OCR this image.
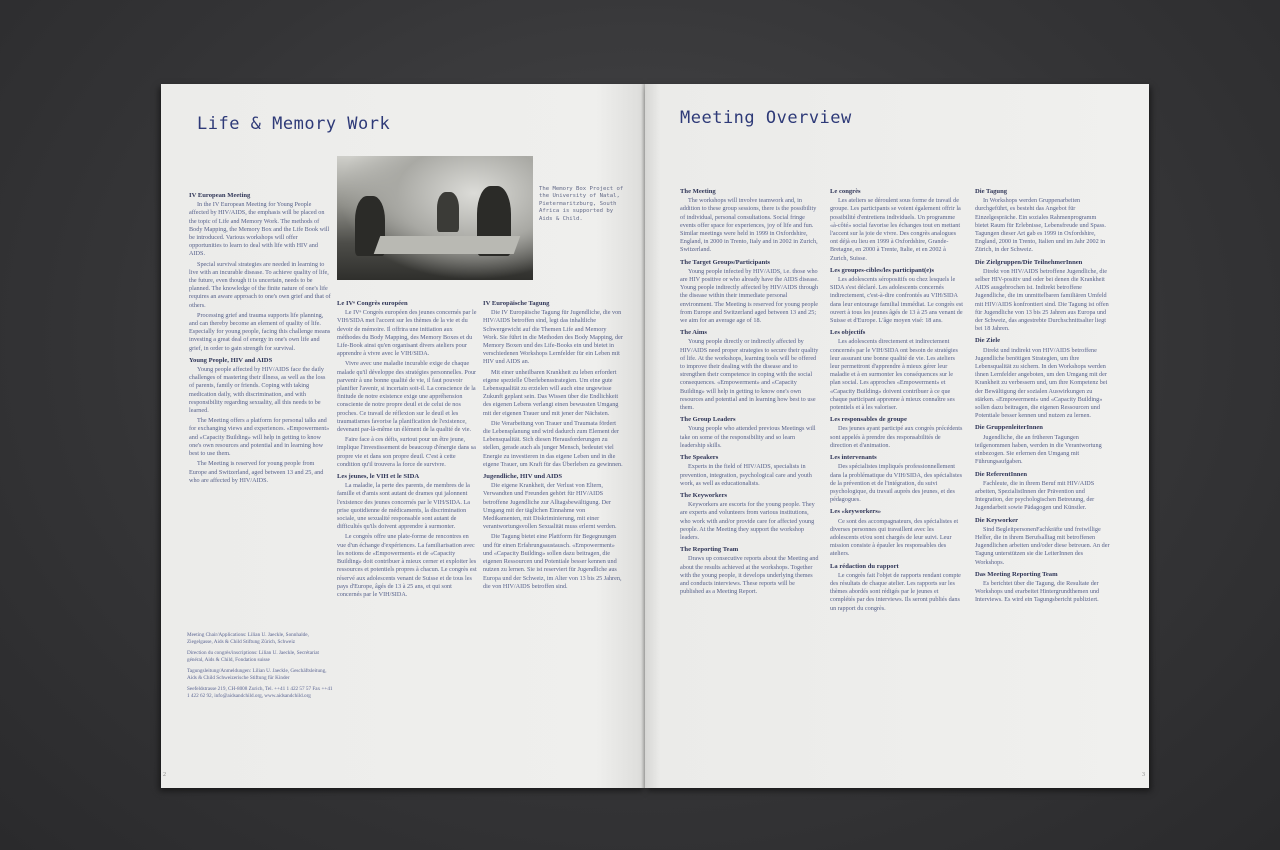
Life & Memory Work
The Memory Box Project of the University of Natal, Pietermaritzburg, South Africa is supported by Aids & Child.
IV European Meeting

In the IV European Meeting for Young People affected by HIV/AIDS, the emphasis will be placed on the topic of Life and Memory Work. The methods of Body Mapping, the Memory Box and the Life Book will be introduced. Various workshops will offer opportunities to learn to deal with life with HIV and AIDS.

Special survival strategies are needed in learning to live with an incurable disease. To achieve quality of life, the future, even though it is uncertain, needs to be planned. The knowledge of the finite nature of one's life requires an aware approach to one's own grief and that of others.

Processing grief and trauma supports life planning, and can thereby become an element of quality of life. Especially for young people, facing this challenge means investing a great deal of energy in one's own life and grief, in order to gain strength for survival.

Young People, HIV and AIDS

Young people affected by HIV/AIDS face the daily challenges of mastering their illness, as well as the loss of parents, family or friends. Coping with taking medication daily, with discrimination, and with responsibility regarding sexuality, all this needs to be learned.

The Meeting offers a platform for personal talks and for exchanging views and experiences. «Empowerment» and «Capacity Building» will help in getting to know one's own resources and potential and in learning how best to use them.

The Meeting is reserved for young people from Europe and Switzerland, aged between 13 and 25, and who are affected by HIV/AIDS.

Meeting Chair/Applications: Lilian U. Jaeckle, Sonnhalde, Ziegelgasse, Aids & Child Stiftung Zürich, Schweiz

Direction du congrès/inscriptions: Lilian U. Jaeckle, Secrétariat général, Aids & Child, Fondation suisse

Tagungsleitung/Anmeldungen: Lilian U. Jaeckle, Geschäftsleitung, Aids & Child Schweizerische Stiftung für Kinder

Seefeldstrasse 219, CH-8008 Zurich, Tel. ++41 1 422 57 57 Fax ++41 1 422 62 92, info@aidsandchild.org, www.aidsandchild.org

Le IVᵉ Congrès européen

Le IVᵉ Congrès européen des jeunes concernés par le VIH/SIDA met l'accent sur les thèmes de la vie et du devoir de mémoire. Il offrira une initiation aux méthodes du Body Mapping, des Memory Boxes et du Life-Book ainsi qu'en organisant divers ateliers pour apprendre à vivre avec le VIH/SIDA.

Vivre avec une maladie incurable exige de chaque malade qu'il développe des stratégies personnelles. Pour parvenir à une bonne qualité de vie, il faut pouvoir planifier l'avenir, si incertain soit-il. La conscience de la finitude de notre existence exige une appréhension consciente de notre propre deuil et de celui de nos proches. Ce travail de réflexion sur le deuil et les traumatismes favorise la planification de l'existence, devenant par-là-même un élément de la qualité de vie.

Faire face à ces défis, surtout pour un être jeune, implique l'investissement de beaucoup d'énergie dans sa propre vie et dans son propre deuil. C'est à cette condition qu'il trouvera la force de survivre.

Les jeunes, le VIH et le SIDA

La maladie, la perte des parents, de membres de la famille et d'amis sont autant de drames qui jalonnent l'existence des jeunes concernés par le VIH/SIDA. La prise quotidienne de médicaments, la discrimination sociale, une sexualité responsable sont autant de difficultés qu'ils doivent apprendre à surmonter.

Le congrès offre une plate-forme de rencontres en vue d'un échange d'expériences. La familiarisation avec les notions de «Empowerment» et de «Capacity Building» doit contribuer à mieux cerner et exploiter les ressources et potentiels propres à chacun. Le congrès est réservé aux adolescents venant de Suisse et de tous les pays d'Europe, âgés de 13 à 25 ans, et qui sont concernés par le VIH/SIDA.

IV Europäische Tagung

Die IV Europäische Tagung für Jugendliche, die von HIV/AIDS betroffen sind, legt das inhaltliche Schwergewicht auf die Themen Life and Memory Work. Sie führt in die Methoden des Body Mapping, der Memory Boxen und des Life-Books ein und bietet in verschiedenen Workshops Lernfelder für ein Leben mit HIV und AIDS an.

Mit einer unheilbaren Krankheit zu leben erfordert eigene spezielle Überlebensstrategien. Um eine gute Lebensqualität zu erzielen will auch eine ungewisse Zukunft geplant sein. Das Wissen über die Endlichkeit des eigenen Lebens verlangt einen bewussten Umgang mit der eigenen Trauer und mit jener der Nächsten.

Die Verarbeitung von Trauer und Traumata fördert die Lebensplanung und wird dadurch zum Element der Lebensqualität. Sich diesen Herausforderungen zu stellen, gerade auch als junger Mensch, bedeutet viel Energie zu investieren in das eigene Leben und in die eigene Trauer, um Kraft für das Überleben zu gewinnen.

Jugendliche, HIV und AIDS

Die eigene Krankheit, der Verlust von Eltern, Verwandten und Freunden gehört für HIV/AIDS betroffene Jugendliche zur Alltagsbewältigung. Der Umgang mit der täglichen Einnahme von Medikamenten, mit Diskriminierung, mit einer verantwortungsvollen Sexualität muss erlernt werden.

Die Tagung bietet eine Plattform für Begegnungen und für einen Erfahrungsaustausch. «Empowerment» und «Capacity Building» sollen dazu beitragen, die eigenen Ressourcen und Potentiale besser kennen und nutzen zu lernen. Sie ist reserviert für Jugendliche aus Europa und der Schweiz, im Alter von 13 bis 25 Jahren, die von HIV/AIDS betroffen sind.

2
Meeting Overview
The Meeting

The workshops will involve teamwork and, in addition to these group sessions, there is the possibility of individual, personal consultations. Social fringe events offer space for experiences, joy of life and fun. Similar meetings were held in 1999 in Oxfordshire, England, in 2000 in Trento, Italy and in 2002 in Zurich, Switzerland.

The Target Groups/Participants

Young people infected by HIV/AIDS, i.e. those who are HIV positive or who already have the AIDS disease. Young people indirectly affected by HIV/AIDS through the disease within their immediate personal environment. The Meeting is reserved for young people from Europe and Switzerland aged between 13 and 25; we aim for an average age of 18.

The Aims

Young people directly or indirectly affected by HIV/AIDS need proper strategies to secure their quality of life. At the workshops, learning tools will be offered to improve their dealing with the disease and to strengthen their competence in coping with the social consequences. «Empowerment» and «Capacity Building» will help in getting to know one's own resources and potential and in learning how best to use them.

The Group Leaders

Young people who attended previous Meetings will take on some of the responsibility and so learn leadership skills.

The Speakers

Experts in the field of HIV/AIDS, specialists in prevention, integration, psychological care and youth work, as well as educationalists.

The Keyworkers

Keyworkers are escorts for the young people. They are experts and volunteers from various institutions, who work with and/or provide care for affected young people. At the Meeting they support the workshop leaders.

The Reporting Team

Draws up consecutive reports about the Meeting and about the results achieved at the workshops. Together with the young people, it develops underlying themes and conducts interviews. These reports will be published as a Meeting Report.

Le congrès

Les ateliers se déroulent sous forme de travail de groupe. Les participants se voient également offrir la possibilité d'entretiens individuels. Un programme «à-côté» social favorise les échanges tout en mettant l'accent sur la joie de vivre. Des congrès analogues ont déjà eu lieu en 1999 à Oxfordshire, Grande-Bretagne, en 2000 à Trente, Italie, et en 2002 à Zurich, Suisse.

Les groupes-cibles/les participant(e)s

Les adolescents séropositifs ou chez lesquels le SIDA s'est déclaré. Les adolescents concernés indirectement, c'est-à-dire confrontés au VIH/SIDA dans leur entourage familial immédiat. Le congrès est ouvert à tous les jeunes âgés de 13 à 25 ans venant de Suisse et d'Europe. L'âge moyen visé: 18 ans.

Les objectifs

Les adolescents directement et indirectement concernés par le VIH/SIDA ont besoin de stratégies leur assurant une bonne qualité de vie. Les ateliers leur permettront d'apprendre à mieux gérer leur maladie et à en surmonter les conséquences sur le plan social. Les approches «Empowerment» et «Capacity Building» doivent contribuer à ce que chaque participant apprenne à mieux connaître ses potentiels et à les valoriser.

Les responsables de groupe

Des jeunes ayant participé aux congrès précédents sont appelés à prendre des responsabilités de direction et d'animation.

Les intervenants

Des spécialistes impliqués professionnellement dans la problématique du VIH/SIDA, des spécialistes de la prévention et de l'intégration, du suivi psychologique, du travail auprès des jeunes, et des pédagogues.

Les «keyworkers»

Ce sont des accompagnateurs, des spécialistes et diverses personnes qui travaillent avec les adolescents et/ou sont chargés de leur suivi. Leur mission consiste à épauler les responsables des ateliers.

La rédaction du rapport

Le congrès fait l'objet de rapports rendant compte des résultats de chaque atelier. Les rapports sur les thèmes abordés sont rédigés par le jeunes et complétés par des interviews. Ils seront publiés dans un rapport du congrès.

Die Tagung

In Workshops werden Gruppenarbeiten durchgeführt, es besteht das Angebot für Einzelgespräche. Ein soziales Rahmenprogramm bietet Raum für Erlebnisse, Lebensfreude und Spass. Tagungen dieser Art gab es 1999 in Oxfordshire, England, 2000 in Trento, Italien und im Jahr 2002 in Zürich, in der Schweiz.

Die Zielgruppen/Die TeilnehmerInnen

Direkt von HIV/AIDS betroffene Jugendliche, die selber HIV-positiv und oder bei denen die Krankheit AIDS ausgebrochen ist. Indirekt betroffene Jugendliche, die im unmittelbaren familiären Umfeld mit HIV/AIDS konfrontiert sind. Die Tagung ist offen für Jugendliche von 13 bis 25 Jahren aus Europa und der Schweiz, das angestrebte Durchschnittsalter liegt bei 18 Jahren.

Die Ziele

Direkt und indirekt von HIV/AIDS betroffene Jugendliche benötigen Strategien, um ihre Lebensqualität zu sichern. In den Workshops werden ihnen Lernfelder angeboten, um den Umgang mit der Krankheit zu verbessern und, um ihre Kompetenz bei der Bewältigung der sozialen Auswirkungen zu stärken. «Empowerment» und «Capacity Building» sollen dazu beitragen, die eigenen Ressourcen und Potentiale besser kennen und nutzen zu lernen.

Die GruppenleiterInnen

Jugendliche, die an früheren Tagungen teilgenommen haben, werden in die Verantwortung einbezogen. Sie erlernen den Umgang mit Führungsaufgaben.

Die ReferentInnen

Fachleute, die in ihrem Beruf mit HIV/AIDS arbeiten, SpezialistInnen der Prävention und Integration, der psychologischen Betreuung, der Jugendarbeit sowie Pädagogen und Künstler.

Die Keyworker

Sind BegleitpersonenFachkräfte und freiwillige Helfer, die in ihrem Berufsalltag mit betroffenen Jugendlichen arbeiten und/oder diese betreuen. An der Tagung unterstützen sie die LeiterInnen des Workshops.

Das Meeting Reporting Team

Es berichtet über die Tagung, die Resultate der Workshops und erarbeitet Hintergrundthemen und Interviews. Es wird ein Tagungsbericht publiziert.

3
